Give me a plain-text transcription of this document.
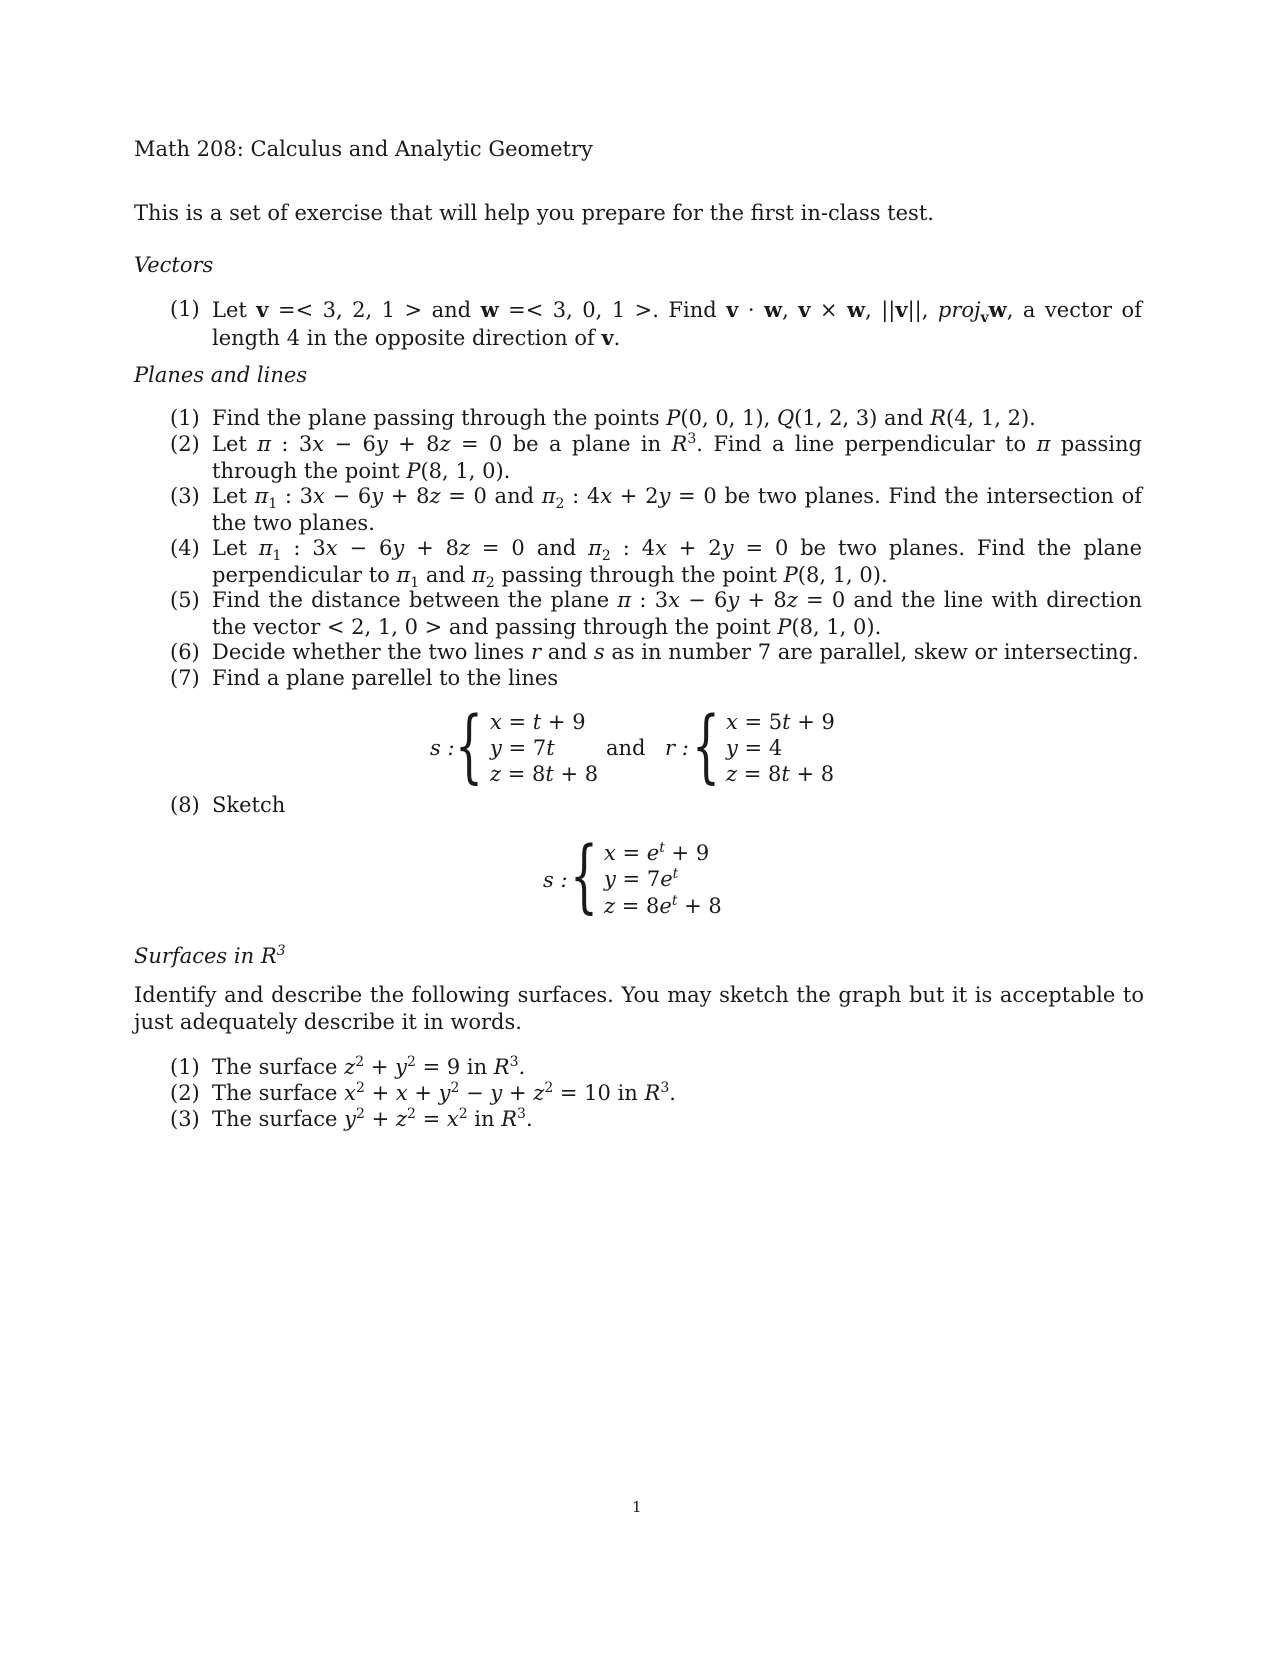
Math 208: Calculus and Analytic Geometry
This is a set of exercise that will help you prepare for the first in-class test.
Vectors
(1) Let v =< 3, 2, 1 > and w =< 3, 0, 1 >. Find v · w, v × w, ||v||, proj$_v$w, a vector of length 4 in the opposite direction of v.
Planes and lines
(1) Find the plane passing through the points P(0, 0, 1), Q(1, 2, 3) and R(4, 1, 2).
(2) Let π : 3x − 6y + 8z = 0 be a plane in $R^3$. Find a line perpendicular to π passing through the point P(8, 1, 0).
(3) Let $\pi_1$ : 3x − 6y + 8z = 0 and $\pi_2$ : 4x + 2y = 0 be two planes. Find the intersection of the two planes.
(4) Let $\pi_1$ : 3x − 6y + 8z = 0 and $\pi_2$ : 4x + 2y = 0 be two planes. Find the plane perpendicular to $\pi_1$ and $\pi_2$ passing through the point P(8, 1, 0).
(5) Find the distance between the plane π : 3x − 6y + 8z = 0 and the line with direction the vector < 2, 1, 0 > and passing through the point P(8, 1, 0).
(6) Decide whether the two lines r and s as in number 7 are parallel, skew or intersecting.
(7) Find a plane parellel to the lines
s : { x = t + 9
y = 7t
z = 8t + 8
and r : { x = 5t + 9
y = 4
z = 8t + 8
(8) Sketch
s : { $x = e^t + 9$
$y = 7e^t$
$z = 8e^t + 8$
Surfaces in $R^3$
Identify and describe the following surfaces. You may sketch the graph but it is acceptable to just adequately describe it in words.
(1) The surface $z^2 + y^2 = 9$ in $R^3$.
(2) The surface $x^2 + x + y^2 - y + z^2 = 10$ in $R^3$.
(3) The surface $y^2 + z^2 = x^2$ in $R^3$.
1
